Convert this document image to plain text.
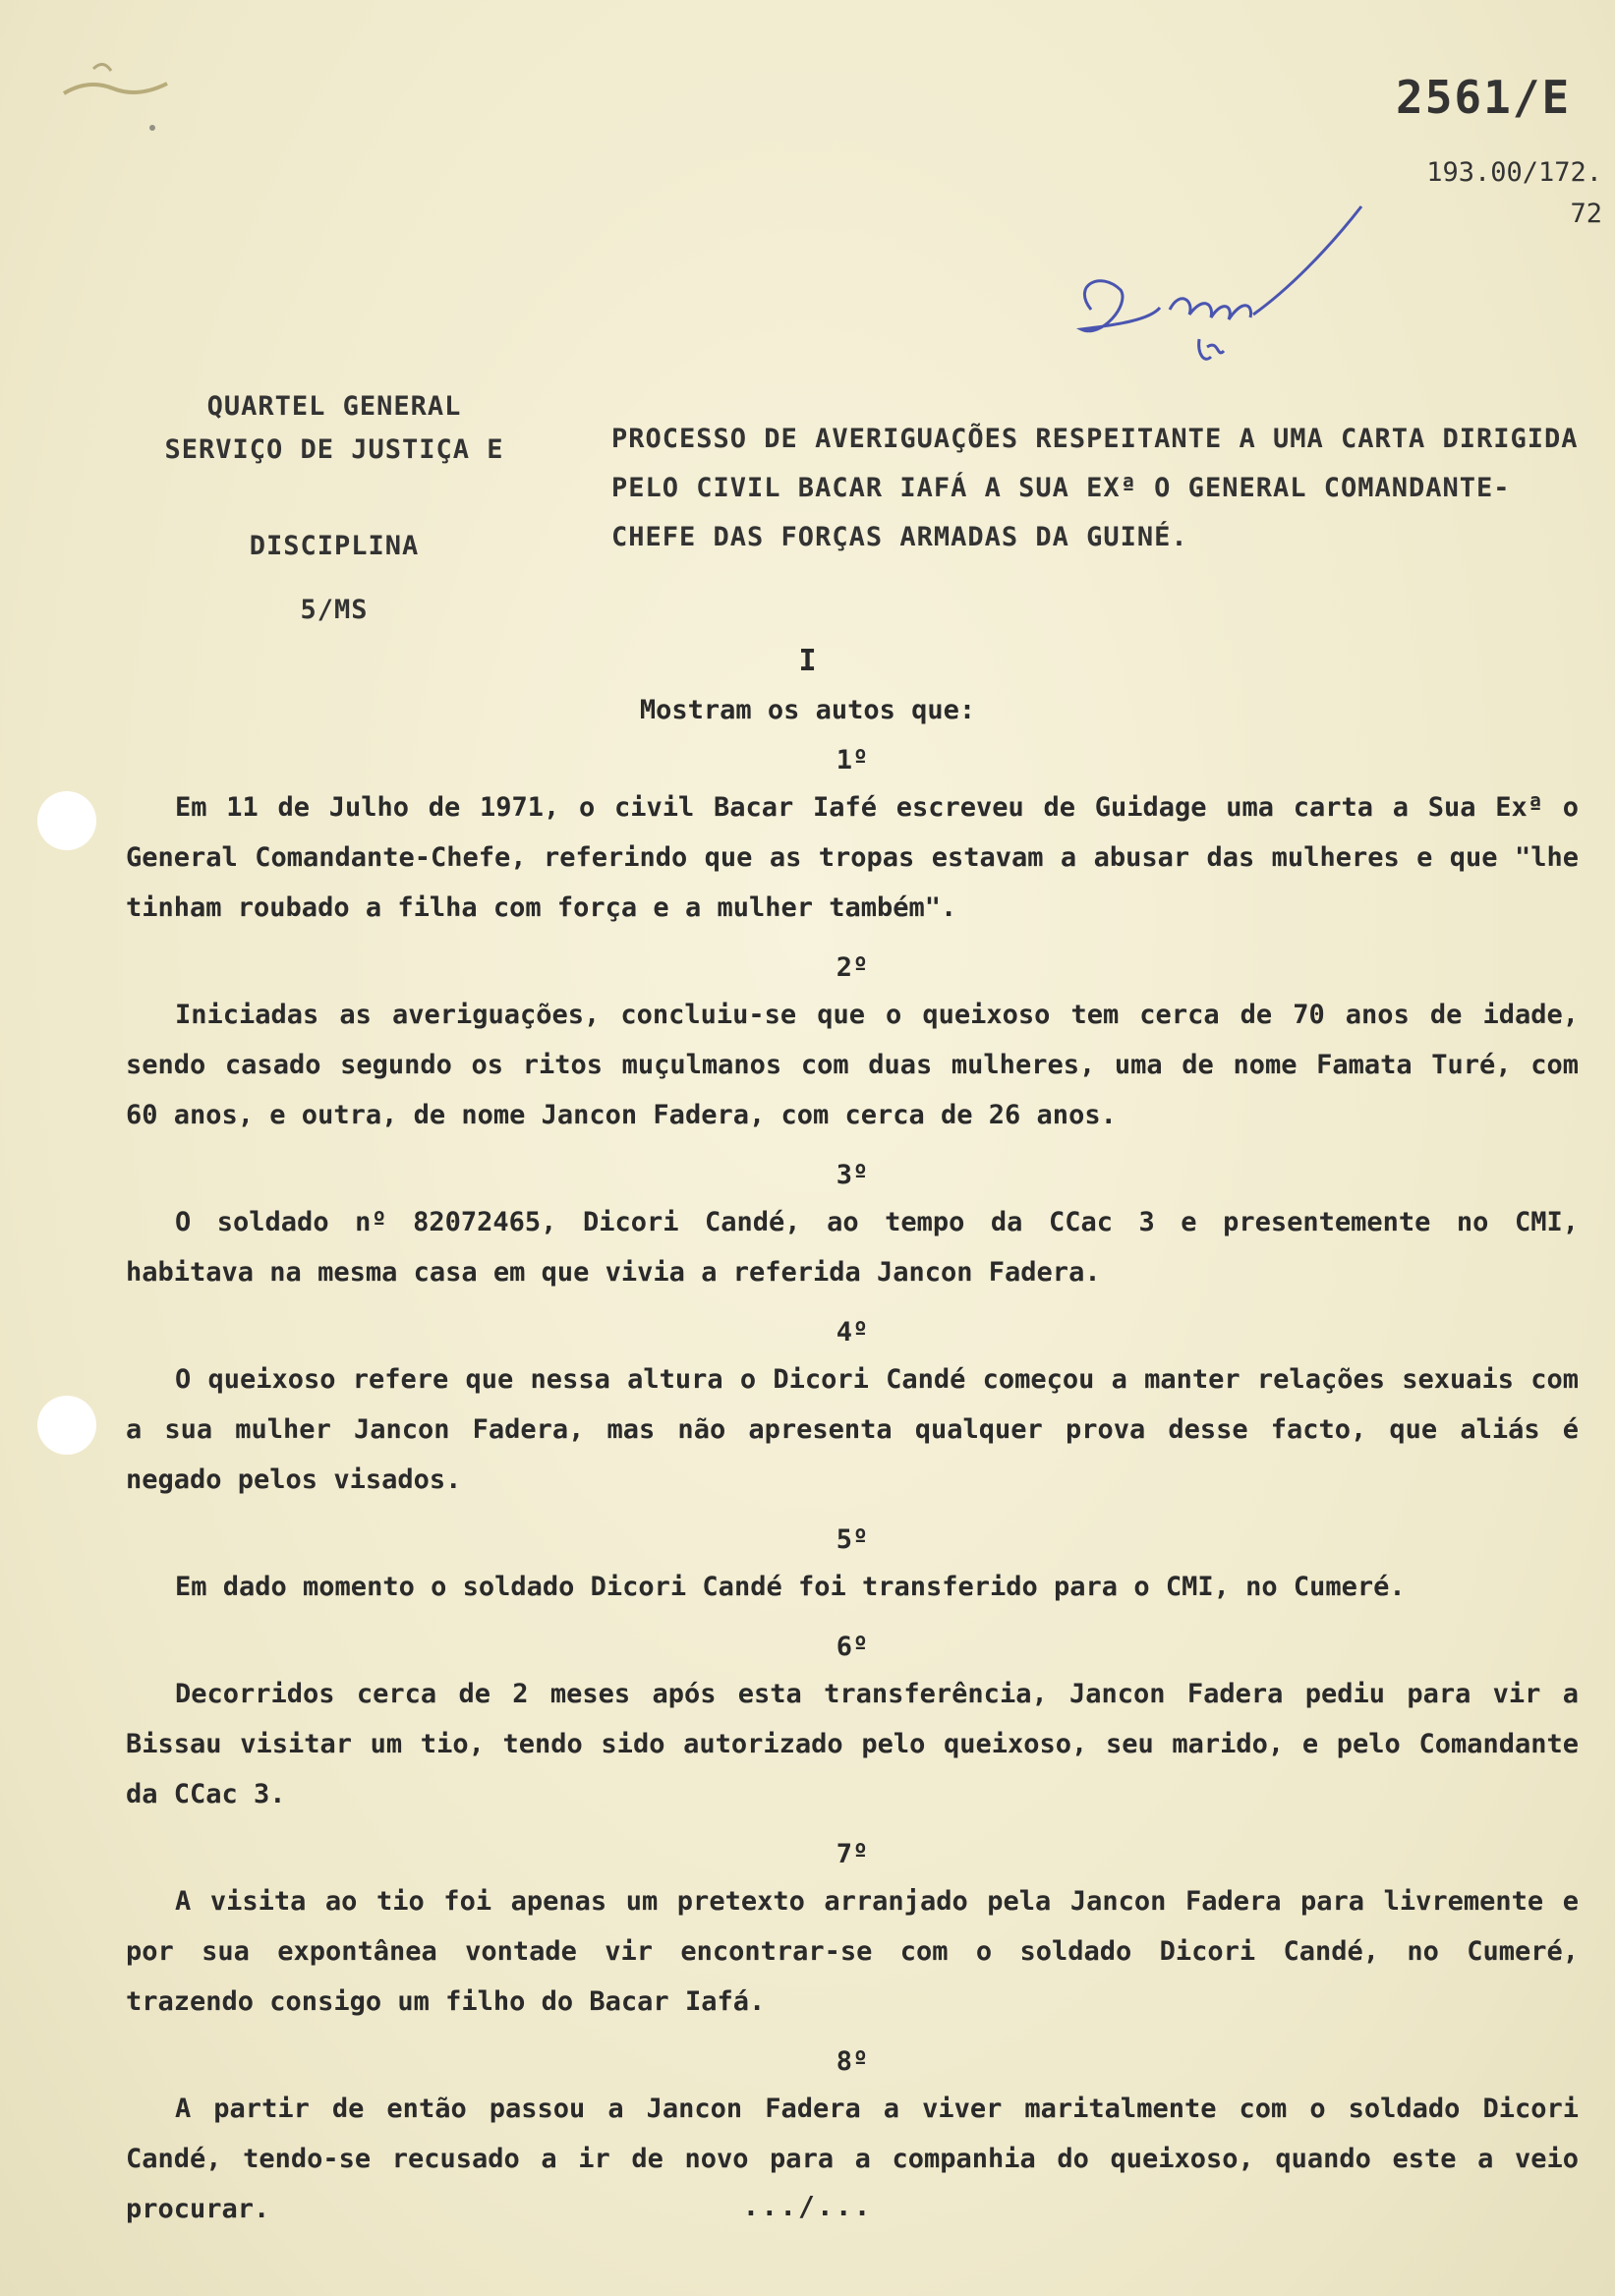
2561/E
193.00/172.
72
QUARTEL GENERAL
SERVIÇO DE JUSTIÇA E
DISCIPLINA
5/MS
PROCESSO DE AVERIGUAÇÕES RESPEITANTE A UMA CARTA DIRIGIDA PELO CIVIL BACAR IAFÁ A SUA EXª O GENERAL COMANDANTE-CHEFE DAS FORÇAS ARMADAS DA GUINÉ.
I
Mostram os autos que:
1º

Em 11 de Julho de 1971, o civil Bacar Iafé escreveu de Guidage uma carta a Sua Exª o General Comandante-Chefe, referindo que as tropas estavam a abusar das mulheres e que "lhe tinham roubado a filha com força e a mulher também".

2º

Iniciadas as averiguações, concluiu-se que o queixoso tem cerca de 70 anos de idade, sendo casado segundo os ritos muçulmanos com duas mulheres, uma de nome Famata Turé, com 60 anos, e outra, de nome Jancon Fadera, com cerca de 26 anos.

3º

O soldado nº 82072465, Dicori Candé, ao tempo da CCac 3 e presentemente no CMI, habitava na mesma casa em que vivia a referida Jancon Fadera.

4º

O queixoso refere que nessa altura o Dicori Candé começou a manter relações sexuais com a sua mulher Jancon Fadera, mas não apresenta qualquer prova desse facto, que aliás é negado pelos visados.

5º

Em dado momento o soldado Dicori Candé foi transferido para o CMI, no Cumeré.

6º

Decorridos cerca de 2 meses após esta transferência, Jancon Fadera pediu para vir a Bissau visitar um tio, tendo sido autorizado pelo queixoso, seu marido, e pelo Comandante da CCac 3.

7º

A visita ao tio foi apenas um pretexto arranjado pela Jancon Fadera para livremente e por sua expontânea vontade vir encontrar-se com o soldado Dicori Candé, no Cumeré, trazendo consigo um filho do Bacar Iafá.

8º

A partir de então passou a Jancon Fadera a viver maritalmente com o soldado Dicori Candé, tendo-se recusado a ir de novo para a companhia do queixoso, quando este a veio procurar.	.../...
